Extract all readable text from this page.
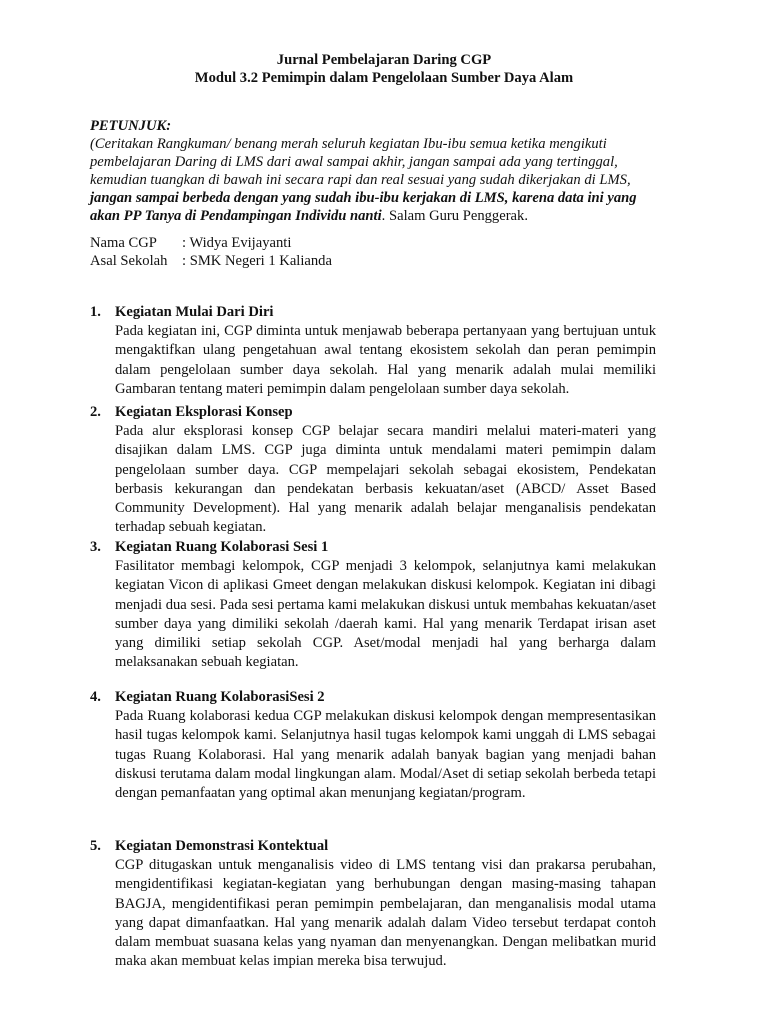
Jurnal Pembelajaran Daring CGP
Modul 3.2 Pemimpin dalam Pengelolaan Sumber Daya Alam
PETUNJUK:
(Ceritakan Rangkuman/ benang merah seluruh kegiatan Ibu-ibu semua ketika mengikuti pembelajaran Daring di LMS dari awal sampai akhir, jangan sampai ada yang tertinggal, kemudian tuangkan di bawah ini secara rapi dan real sesuai yang sudah dikerjakan di LMS, jangan sampai berbeda dengan yang sudah ibu-ibu kerjakan di LMS, karena data ini yang akan PP Tanya di Pendampingan Individu nanti. Salam Guru Penggerak.
Nama CGP	: Widya Evijayanti
Asal Sekolah : SMK Negeri 1 Kalianda
1. Kegiatan Mulai Dari Diri
Pada kegiatan ini, CGP diminta untuk menjawab beberapa pertanyaan yang bertujuan untuk mengaktifkan ulang pengetahuan awal tentang ekosistem sekolah dan peran pemimpin dalam pengelolaan sumber daya sekolah. Hal yang menarik adalah mulai memiliki Gambaran tentang materi pemimpin dalam pengelolaan sumber daya sekolah.
2. Kegiatan Eksplorasi Konsep
Pada alur eksplorasi konsep CGP belajar secara mandiri melalui materi-materi yang disajikan dalam LMS. CGP juga diminta untuk mendalami materi pemimpin dalam pengelolaan sumber daya. CGP mempelajari sekolah sebagai ekosistem, Pendekatan berbasis kekurangan dan pendekatan berbasis kekuatan/aset (ABCD/ Asset Based Community Development). Hal yang menarik adalah belajar menganalisis pendekatan terhadap sebuah kegiatan.
3. Kegiatan Ruang Kolaborasi Sesi 1
Fasilitator membagi kelompok, CGP menjadi 3 kelompok, selanjutnya kami melakukan kegiatan Vicon di aplikasi Gmeet dengan melakukan diskusi kelompok. Kegiatan ini dibagi menjadi dua sesi. Pada sesi pertama kami melakukan diskusi untuk membahas kekuatan/aset sumber daya yang dimiliki sekolah /daerah kami. Hal yang menarik Terdapat irisan aset yang dimiliki setiap sekolah CGP. Aset/modal menjadi hal yang berharga dalam melaksanakan sebuah kegiatan.
4. Kegiatan Ruang KolaborasiSesi 2
Pada Ruang kolaborasi kedua CGP melakukan diskusi kelompok dengan mempresentasikan hasil tugas kelompok kami. Selanjutnya hasil tugas kelompok kami unggah di LMS sebagai tugas Ruang Kolaborasi. Hal yang menarik adalah banyak bagian yang menjadi bahan diskusi terutama dalam modal lingkungan alam. Modal/Aset di setiap sekolah berbeda tetapi dengan pemanfaatan yang optimal akan menunjang kegiatan/program.
5. Kegiatan Demonstrasi Kontektual
CGP ditugaskan untuk menganalisis video di LMS tentang visi dan prakarsa perubahan, mengidentifikasi kegiatan-kegiatan yang berhubungan dengan masing-masing tahapan BAGJA, mengidentifikasi peran pemimpin pembelajaran, dan menganalisis modal utama yang dapat dimanfaatkan. Hal yang menarik adalah dalam Video tersebut terdapat contoh dalam membuat suasana kelas yang nyaman dan menyenangkan. Dengan melibatkan murid maka akan membuat kelas impian mereka bisa terwujud.
